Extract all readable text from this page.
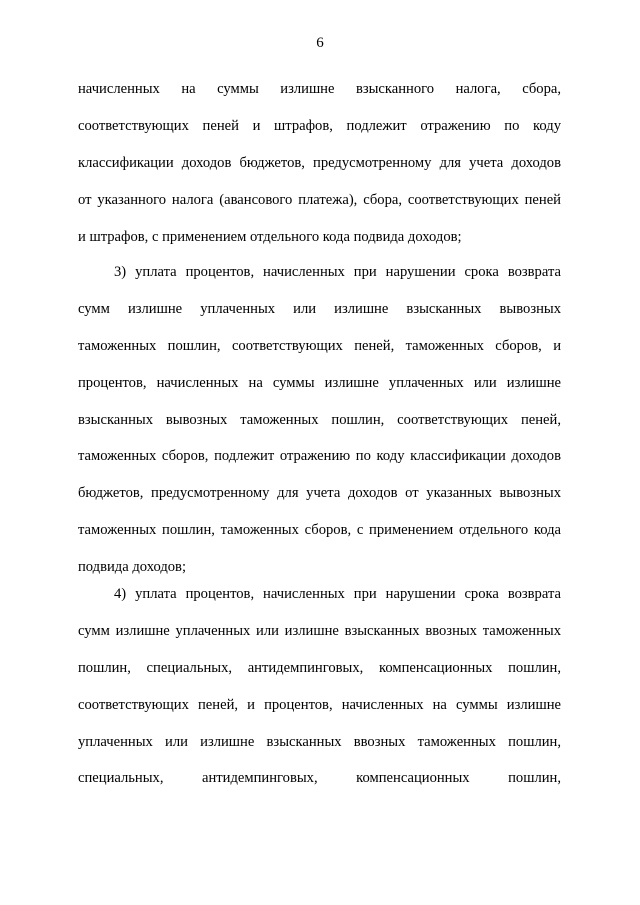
6
начисленных на суммы излишне взысканного налога, сбора,
соответствующих пеней и штрафов, подлежит отражению по коду
классификации доходов бюджетов, предусмотренному для учета доходов
от указанного налога (авансового платежа), сбора, соответствующих пеней
и штрафов, с применением отдельного кода подвида доходов;
3) уплата процентов, начисленных при нарушении срока возврата
сумм излишне уплаченных или излишне взысканных вывозных
таможенных пошлин, соответствующих пеней, таможенных сборов, и
процентов, начисленных на суммы излишне уплаченных или излишне
взысканных вывозных таможенных пошлин, соответствующих пеней,
таможенных сборов, подлежит отражению по коду классификации доходов
бюджетов, предусмотренному для учета доходов от указанных вывозных
таможенных пошлин, таможенных сборов, с применением отдельного кода
подвида доходов;
4) уплата процентов, начисленных при нарушении срока возврата
сумм излишне уплаченных или излишне взысканных ввозных таможенных
пошлин, специальных, антидемпинговых, компенсационных пошлин,
соответствующих пеней, и процентов, начисленных на суммы излишне
уплаченных или излишне взысканных ввозных таможенных пошлин,
специальных, антидемпинговых, компенсационных пошлин,
